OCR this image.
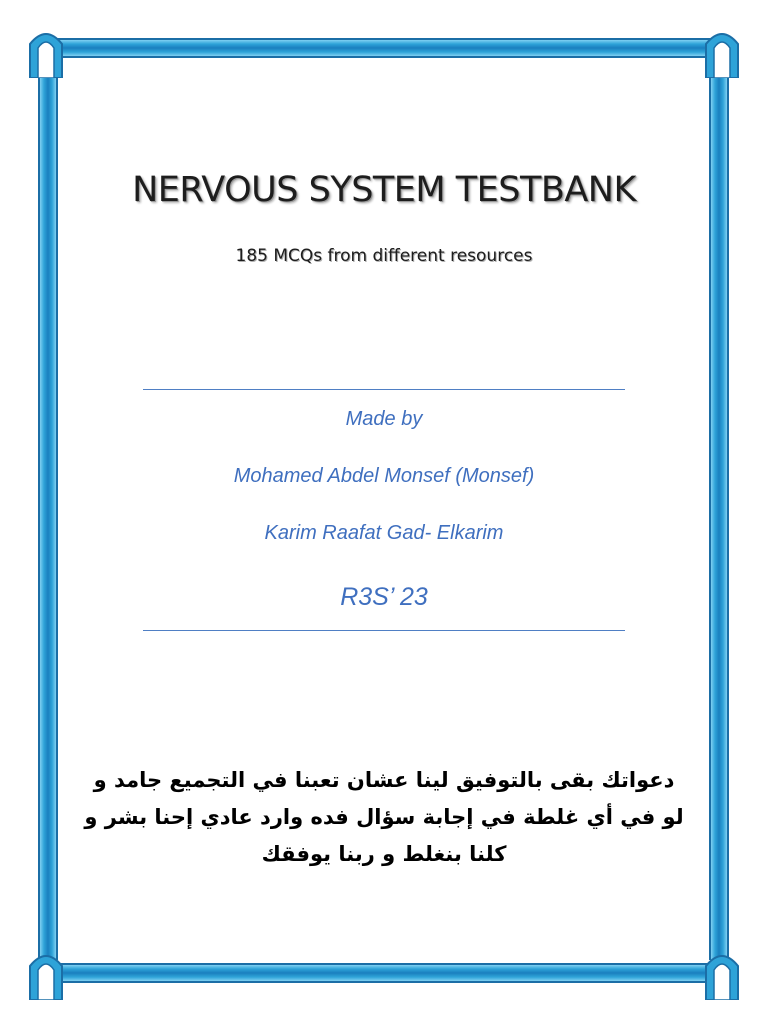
NERVOUS SYSTEM TESTBANK
185 MCQs from different resources
Made by
Mohamed Abdel Monsef (Monsef)
Karim Raafat Gad- Elkarim
R3S’ 23
دعواتك بقى بالتوفيق لينا عشان تعبنا في التجميع جامد و لو في أي غلطة في إجابة سؤال فده وارد عادي إحنا بشر و كلنا بنغلط و ربنا يوفقك
